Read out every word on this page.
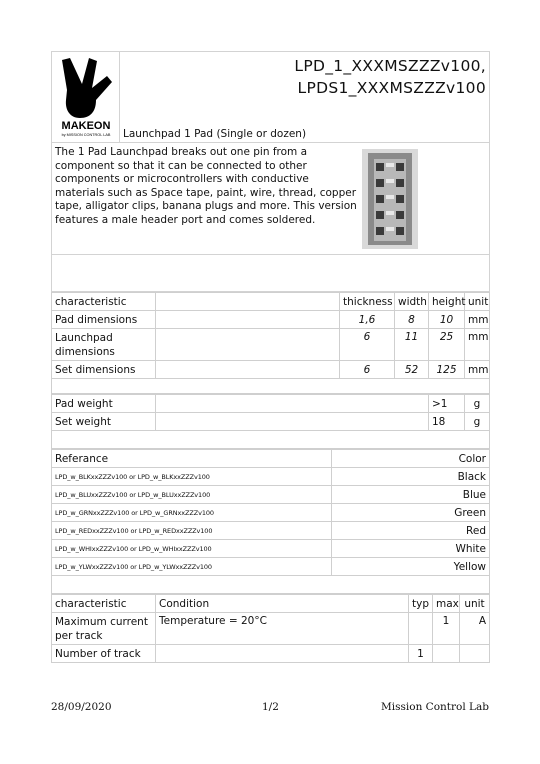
MAKEON
by MISSION CONTROL LAB

LPD_1_XXXMSZZZv100,
LPDS1_XXXMSZZZv100
Launchpad 1 Pad (Single or dozen)

The 1 Pad Launchpad breaks out one pin from a component so that it can be connected to other components or microcontrollers with conductive materials such as Space tape, paint, wire, thread, copper tape, alligator clips, banana plugs and more. This version features a male header port and comes soldered.

characteristic		thickness	width	height	unit
Pad dimensions		1,6	8	10	mm
Launchpad dimensions		6	11	25	mm
Set dimensions		6	52	125	mm

Pad weight		>1	g
Set weight		18	g

Referance	Color
LPD_w_BLKxxZZZv100 or LPD_w_BLKxxZZZv100	Black
LPD_w_BLUxxZZZv100 or LPD_w_BLUxxZZZv100	Blue
LPD_w_GRNxxZZZv100 or LPD_w_GRNxxZZZv100	Green
LPD_w_REDxxZZZv100 or LPD_w_REDxxZZZv100	Red
LPD_w_WHIxxZZZv100 or LPD_w_WHIxxZZZv100	White
LPD_w_YLWxxZZZv100 or LPD_w_YLWxxZZZv100	Yellow

characteristic	Condition	typ	max	unit
Maximum current per track	Temperature = 20°C		1	A
Number of track		1		
28/09/2020	1/2	Mission Control Lab
